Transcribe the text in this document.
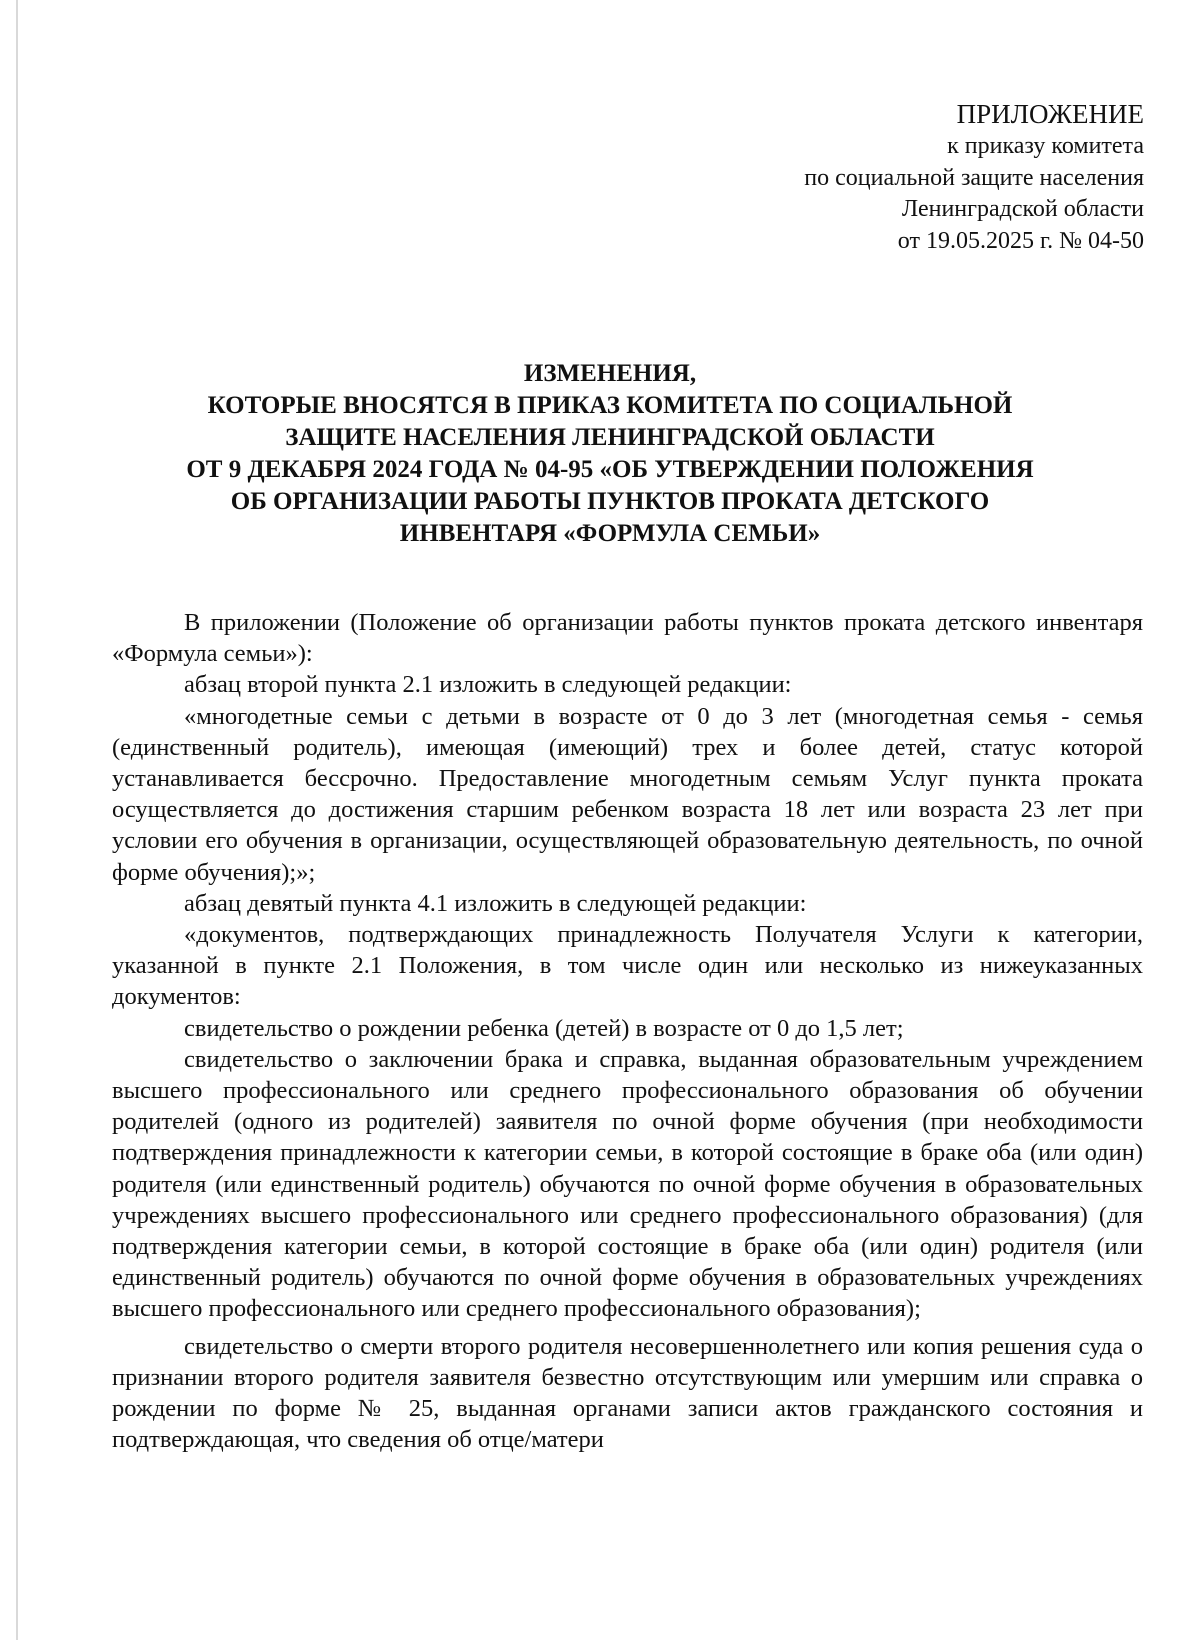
ПРИЛОЖЕНИЕ
к приказу комитета
по социальной защите населения
Ленинградской области
от 19.05.2025 г. № 04-50
ИЗМЕНЕНИЯ,
КОТОРЫЕ ВНОСЯТСЯ В ПРИКАЗ КОМИТЕТА ПО СОЦИАЛЬНОЙ
ЗАЩИТЕ НАСЕЛЕНИЯ ЛЕНИНГРАДСКОЙ ОБЛАСТИ
ОТ 9 ДЕКАБРЯ 2024 ГОДА № 04-95 «ОБ УТВЕРЖДЕНИИ ПОЛОЖЕНИЯ
ОБ ОРГАНИЗАЦИИ РАБОТЫ ПУНКТОВ ПРОКАТА ДЕТСКОГО
ИНВЕНТАРЯ «ФОРМУЛА СЕМЬИ»

В приложении (Положение об организации работы пунктов проката детского инвентаря «Формула семьи»):

абзац второй пункта 2.1 изложить в следующей редакции:

«многодетные семьи с детьми в возрасте от 0 до 3 лет (многодетная семья - семья (единственный родитель), имеющая (имеющий) трех и более детей, статус которой устанавливается бессрочно. Предоставление многодетным семьям Услуг пункта проката осуществляется до достижения старшим ребенком возраста 18 лет или возраста 23 лет при условии его обучения в организации, осуществляющей образовательную деятельность, по очной форме обучения);»;

абзац девятый пункта 4.1 изложить в следующей редакции:

«документов, подтверждающих принадлежность Получателя Услуги к категории, указанной в пункте 2.1 Положения, в том числе один или несколько из нижеуказанных документов:

свидетельство о рождении ребенка (детей) в возрасте от 0 до 1,5 лет;

свидетельство о заключении брака и справка, выданная образовательным учреждением высшего профессионального или среднего профессионального образования об обучении родителей (одного из родителей) заявителя по очной форме обучения (при необходимости подтверждения принадлежности к категории семьи, в которой состоящие в браке оба (или один) родителя (или единственный родитель) обучаются по очной форме обучения в образовательных учреждениях высшего профессионального или среднего профессионального образования) (для подтверждения категории семьи, в которой состоящие в браке оба (или один) родителя (или единственный родитель) обучаются по очной форме обучения в образовательных учреждениях высшего профессионального или среднего профессионального образования);

свидетельство о смерти второго родителя несовершеннолетнего или копия решения суда о признании второго родителя заявителя безвестно отсутствующим или умершим или справка о рождении по форме № 25, выданная органами записи актов гражданского состояния и подтверждающая, что сведения об отце/матери
